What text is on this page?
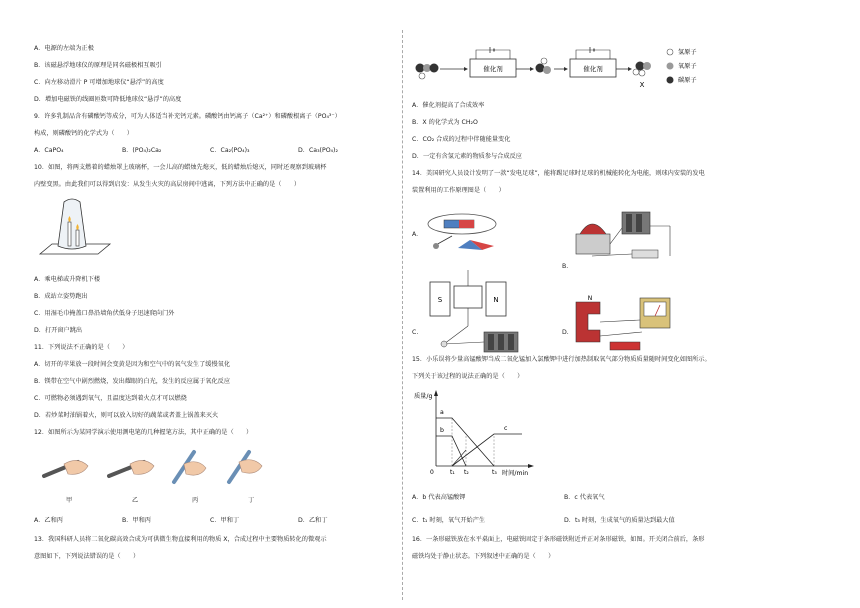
A．电源的左端为正极
B．该磁悬浮地球仪的原理是同名磁极相互吸引
C．向左移动滑片 P 可增加地球仪“悬浮”的高度
D．增加电磁铁的线圈匝数可降低地球仪“悬浮”的高度
9．许多乳制品含有磷酸钙等成分，可为人体适当补充钙元素。磷酸钙由钙离子（Ca²⁺）和磷酸根离子（PO₄³⁻）
构成，则磷酸钙的化学式为（　　）
A．CaPO₄	B．(PO₄)₂Ca₂	C．Ca₂(PO₄)₃	D．Ca₃(PO₄)₂
10．如图，将两支燃着的蜡烛罩上玻璃杯，一会儿高的蜡烛先熄灭，低的蜡烛后熄灭，同时还观察到玻璃杯
内壁变黑。由此我们可以得到启发：从发生火灾的高层房间中逃离，下列方法中正确的是（　　）
A．乘电梯或升降机下楼
B．成站立姿势跑出
C．用湿毛巾掩盖口鼻沿墙角伏低身子迅速爬向门外
D．打开窗户跳出
11．下列说法不正确的是（　　）
A．切开的苹果放一段时间会变黄是因为和空气中的氧气发生了缓慢氧化
B．镁带在空气中剧烈燃烧，发出耀眼的白光，发生的反应属于氧化反应
C．可燃物必须遇到氧气，且温度达到着火点才可以燃烧
D．若炒菜时油锅着火，则可以放入切好的蔬菜或者盖上锅盖来灭火
12．如图所示为某同学演示使用测电笔的几种握笔方法，其中正确的是（　　）
甲	乙	丙	丁
A．乙和丙	B．甲和丙	C．甲和丁	D．乙和丁
13．我国科研人员将二氧化碳高效合成为可供微生物直接利用的物质 X，合成过程中主要物质转化的微观示
意图如下，下列说法错误的是（　　）
催化剂	催化剂
X
氢原子
氧原子
碳原子
A．催化剂提高了合成效率
B．X 的化学式为 CH₂O
C．CO₂ 合成的过程中伴随能量变化
D．一定有含氢元素的物质参与合成反应
14．美国研究人员设计发明了一款“发电足球”，能将踢足球时足球的机械能转化为电能，则球内安装的发电
装置利用的工作原理图是（　　）
A.
B.
C.
S	N
D.
N
15．小乐误将少量高锰酸钾当成二氧化锰加入氯酸钾中进行加热制取氧气部分物质质量随时间变化如图所示。
下列关于该过程的说法正确的是（　　）
质量/g
时间/min
0	t₁ t₂	t₃
a
b	c
A．b 代表高锰酸钾	B．c 代表氧气
C．t₁ 时刻，氧气开始产生	D．t₃ 时刻，生成氧气的质量达到最大值
16．一条形磁铁放在水平桌面上，电磁铁固定于条形磁铁附近并正对条形磁铁，如图。开关闭合前后，条形
磁铁均处于静止状态。下列叙述中正确的是（　　）
